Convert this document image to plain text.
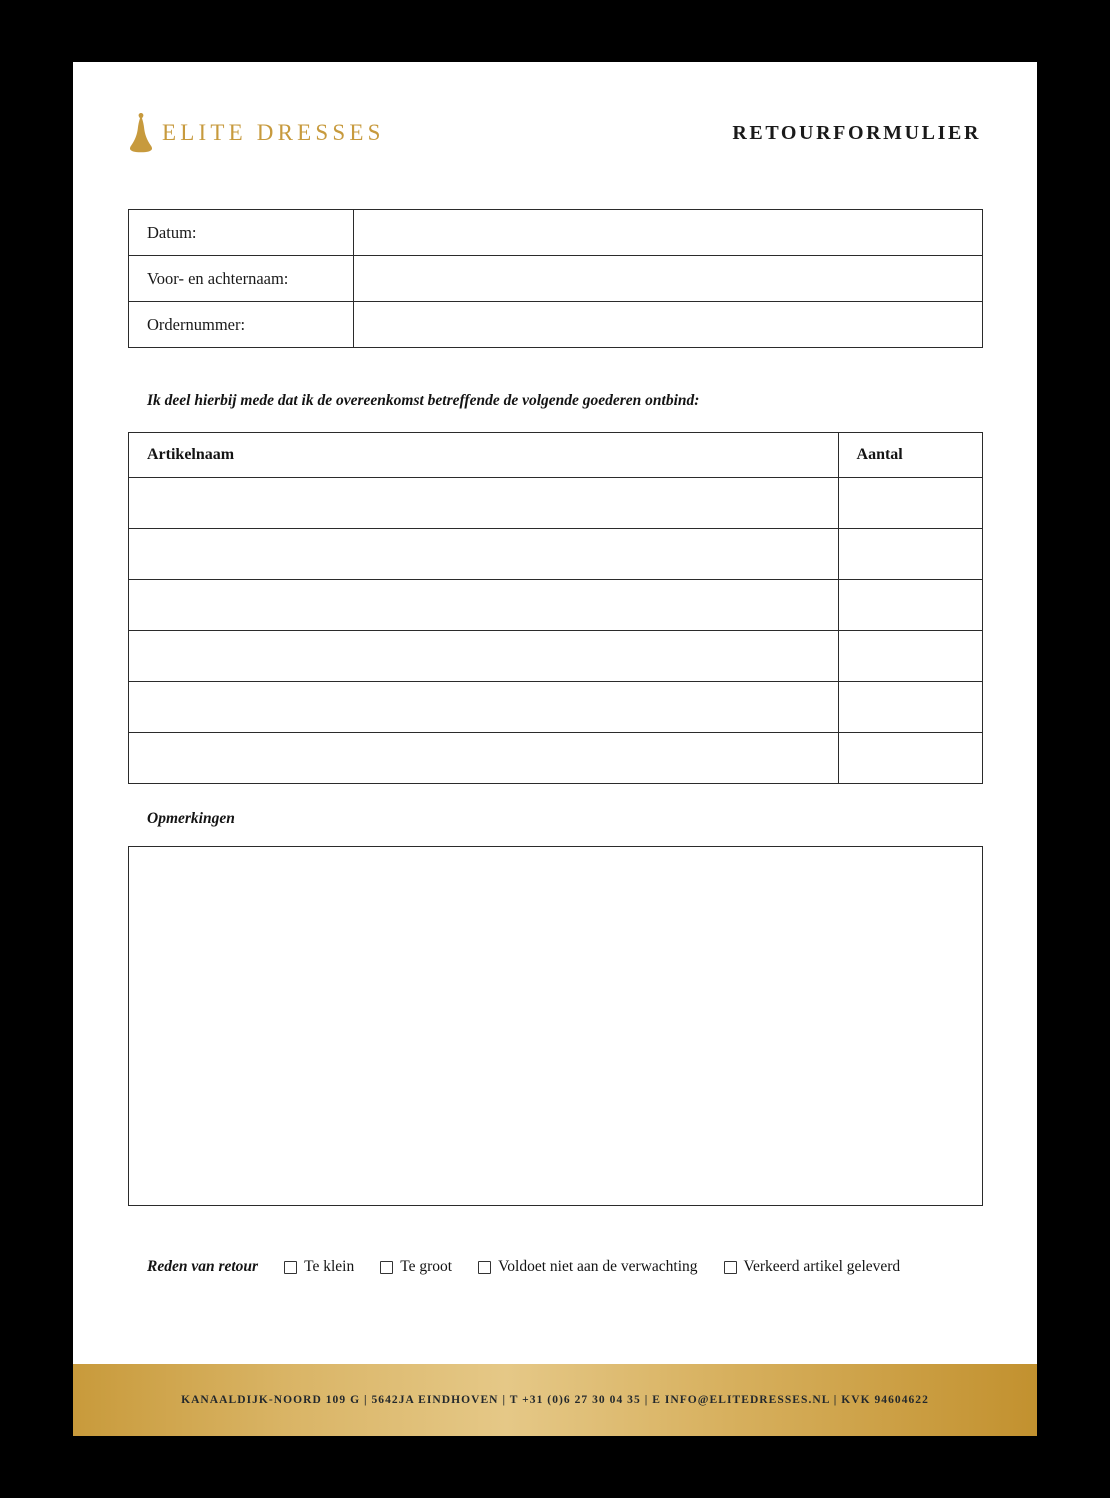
ELITE DRESSES	RETOURFORMULIER
Datum:	
Voor- en achternaam:	
Ordernummer:	
Ik deel hierbij mede dat ik de overeenkomst betreffende de volgende goederen ontbind:
Artikelnaam	Aantal

Opmerkingen
Reden van retour	Te klein	Te groot	Voldoet niet aan de verwachting	Verkeerd artikel geleverd
KANAALDIJK-NOORD 109 G | 5642JA EINDHOVEN | T +31 (0)6 27 30 04 35 | E INFO@ELITEDRESSES.NL | KVK 94604622
